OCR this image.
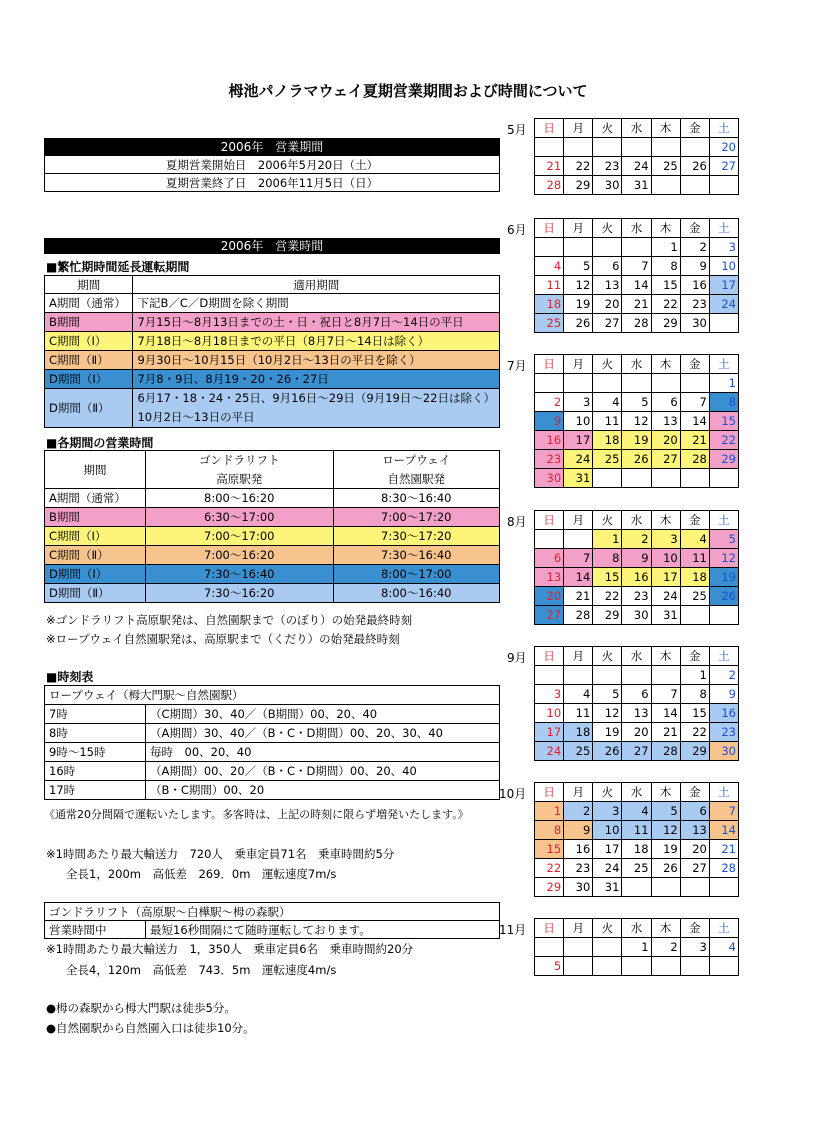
栂池パノラマウェイ夏期営業期間および時間について
2006年　営業期間
夏期営業開始日　2006年5月20日（土）
夏期営業終了日　2006年11月5日（日）
2006年　営業時間
■繁忙期時間延長運転期間
期間	適用期間
A期間（通常）	下記B／C／D期間を除く期間
B期間	7月15日～8月13日までの土・日・祝日と8月7日～14日の平日
C期間（Ⅰ）	7月18日～8月18日までの平日（8月7日～14日は除く）
C期間（Ⅱ）	9月30日～10月15日（10月2日～13日の平日を除く）
D期間（Ⅰ）	7月8・9日、8月19・20・26・27日
D期間（Ⅱ）	6月17・18・24・25日、9月16日～29日（9月19日～22日は除く）
10月2日～13日の平日
■各期間の営業時間
期間	ゴンドラリフト	ロープウェイ
	高原駅発	自然園駅発
A期間（通常）	8:00～16:20	8:30～16:40
B期間	6:30～17:00	7:00～17:20
C期間（Ⅰ）	7:00～17:00	7:30～17:20
C期間（Ⅱ）	7:00～16:20	7:30～16:40
D期間（Ⅰ）	7:30～16:40	8:00～17:00
D期間（Ⅱ）	7:30～16:20	8:00～16:40
※ゴンドラリフト高原駅発は、自然園駅まで（のぼり）の始発最終時刻
※ロープウェイ自然園駅発は、高原駅まで（くだり）の始発最終時刻
■時刻表
ロープウェイ（栂大門駅～自然園駅）	
7時	（C期間）30、40／（B期間）00、20、40
8時	（A期間）30、40／（B・C・D期間）00、20、30、40
9時～15時	毎時　00、20、40
16時	（A期間）00、20／（B・C・D期間）00、20、40
17時	（B・C期間）00、20
《通常20分間隔で運転いたします。多客時は、上記の時刻に限らず増発いたします。》
※1時間あたり最大輸送力　720人　乗車定員71名　乗車時間約5分
全長1，200m　高低差　269．0m　運転速度7m/s
ゴンドラリフト（高原駅～白樺駅～栂の森駅）
営業時間中	最短16秒間隔にて随時運転しております。
※1時間あたり最大輸送力　1，350人　乗車定員6名　乗車時間約20分
全長4，120m　高低差　743．5m　運転速度4m/s
●栂の森駅から栂大門駅は徒歩5分。
●自然園駅から自然園入口は徒歩10分。
5月 日	月	火	水	木	金	土
						20
21	22	23	24	25	26	27
28	29	30	31			
6月 日	月	火	水	木	金	土
				1	2	3
4	5	6	7	8	9	10
11	12	13	14	15	16	17
18	19	20	21	22	23	24
25	26	27	28	29	30	
7月 日	月	火	水	木	金	土
						1
2	3	4	5	6	7	8
9	10	11	12	13	14	15
16	17	18	19	20	21	22
23	24	25	26	27	28	29
30	31					
8月 日	月	火	水	木	金	土
		1	2	3	4	5
6	7	8	9	10	11	12
13	14	15	16	17	18	19
20	21	22	23	24	25	26
27	28	29	30	31		
9月 日	月	火	水	木	金	土
					1	2
3	4	5	6	7	8	9
10	11	12	13	14	15	16
17	18	19	20	21	22	23
24	25	26	27	28	29	30
10月 日	月	火	水	木	金	土
1	2	3	4	5	6	7
8	9	10	11	12	13	14
15	16	17	18	19	20	21
22	23	24	25	26	27	28
29	30	31				
11月 日	月	火	水	木	金	土
			1	2	3	4
5						
